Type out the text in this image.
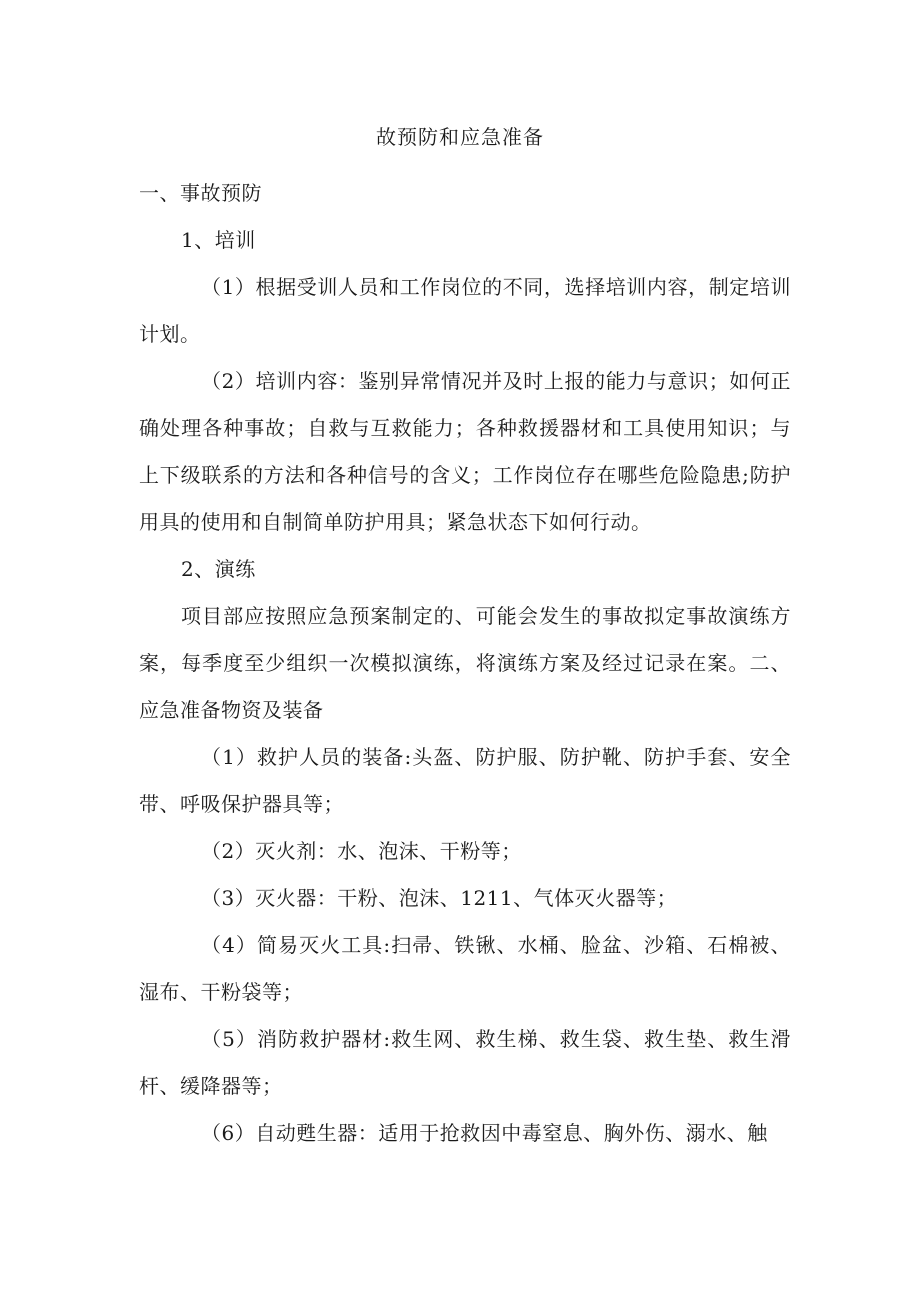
故预防和应急准备

一、事故预防

1、培训

（1）根据受训人员和工作岗位的不同，选择培训内容，制定培训计划。

（2）培训内容：鉴别异常情况并及时上报的能力与意识；如何正确处理各种事故；自救与互救能力；各种救援器材和工具使用知识；与上下级联系的方法和各种信号的含义；工作岗位存在哪些危险隐患;防护用具的使用和自制简单防护用具；紧急状态下如何行动。

2、演练

项目部应按照应急预案制定的、可能会发生的事故拟定事故演练方案，每季度至少组织一次模拟演练，将演练方案及经过记录在案。二、应急准备物资及装备

（1）救护人员的装备:头盔、防护服、防护靴、防护手套、安全带、呼吸保护器具等；

（2）灭火剂：水、泡沫、干粉等；

（3）灭火器：干粉、泡沫、1211、气体灭火器等；

（4）简易灭火工具:扫帚、铁锹、水桶、脸盆、沙箱、石棉被、湿布、干粉袋等；

（5）消防救护器材:救生网、救生梯、救生袋、救生垫、救生滑杆、缓降器等；

（6）自动甦生器：适用于抢救因中毒窒息、胸外伤、溺水、触
